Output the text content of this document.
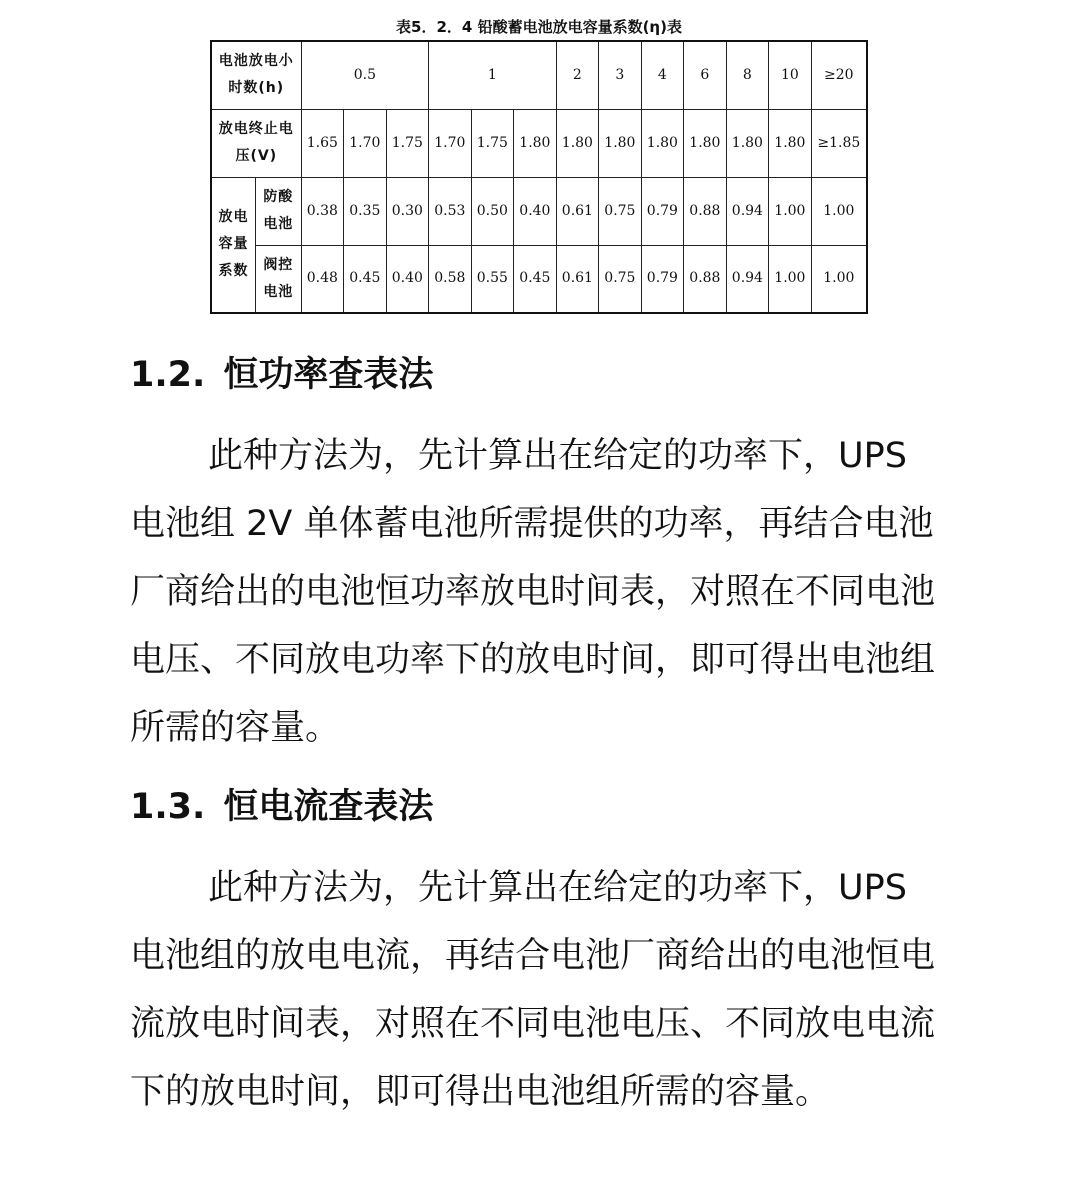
表5．2．4 铅酸蓄电池放电容量系数(η)表
电池放电小时数(h)		0.5			1			2	3	4	6	8	10	≥20
放电终止电压(V)		1.65	1.70	1.75	1.70	1.75	1.80	1.80	1.80	1.80	1.80	1.80	1.80	≥1.85
放电容量系数	防酸电池	0.38	0.35	0.30	0.53	0.50	0.40	0.61	0.75	0.79	0.88	0.94	1.00	1.00
	阀控电池	0.48	0.45	0.40	0.58	0.55	0.45	0.61	0.75	0.79	0.88	0.94	1.00	1.00
1.2. 恒功率查表法

此种方法为，先计算出在给定的功率下，UPS 电池组 2V 单体蓄电池所需提供的功率，再结合电池厂商给出的电池恒功率放电时间表，对照在不同电池电压、不同放电功率下的放电时间，即可得出电池组所需的容量。

1.3. 恒电流查表法

此种方法为，先计算出在给定的功率下，UPS 电池组的放电电流，再结合电池厂商给出的电池恒电流放电时间表，对照在不同电池电压、不同放电电流下的放电时间，即可得出电池组所需的容量。
